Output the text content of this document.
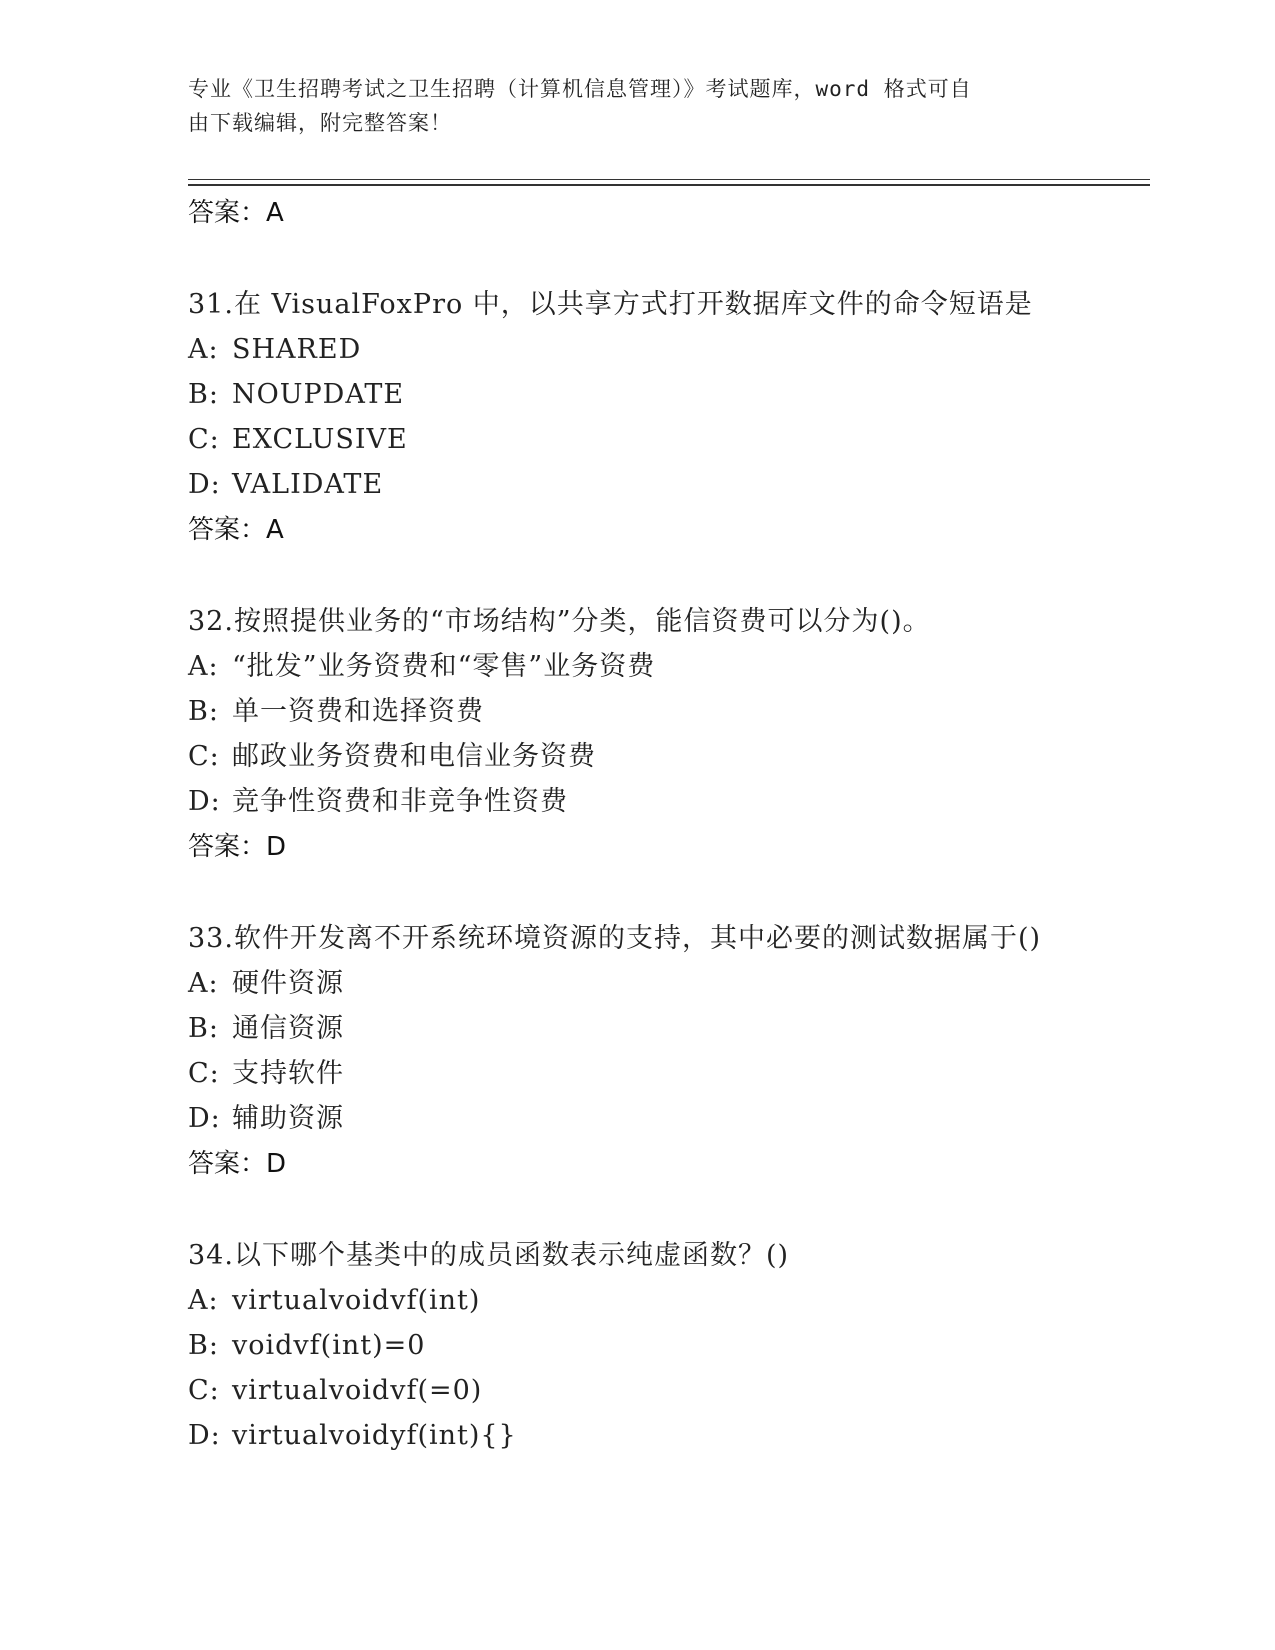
专业《卫生招聘考试之卫生招聘（计算机信息管理）》考试题库，word 格式可自
由下载编辑，附完整答案！
答案：A
31.在 VisualFoxPro 中，以共享方式打开数据库文件的命令短语是
A: SHARED
B: NOUPDATE
C: EXCLUSIVE
D: VALIDATE
答案：A
32.按照提供业务的“市场结构”分类，能信资费可以分为()。
A: “批发”业务资费和“零售”业务资费
B: 单一资费和选择资费
C: 邮政业务资费和电信业务资费
D: 竞争性资费和非竞争性资费
答案：D
33.软件开发离不开系统环境资源的支持，其中必要的测试数据属于()
A: 硬件资源
B: 通信资源
C: 支持软件
D: 辅助资源
答案：D
34.以下哪个基类中的成员函数表示纯虚函数？()
A: virtualvoidvf(int)
B: voidvf(int)=0
C: virtualvoidvf(=0)
D: virtualvoidyf(int){}
